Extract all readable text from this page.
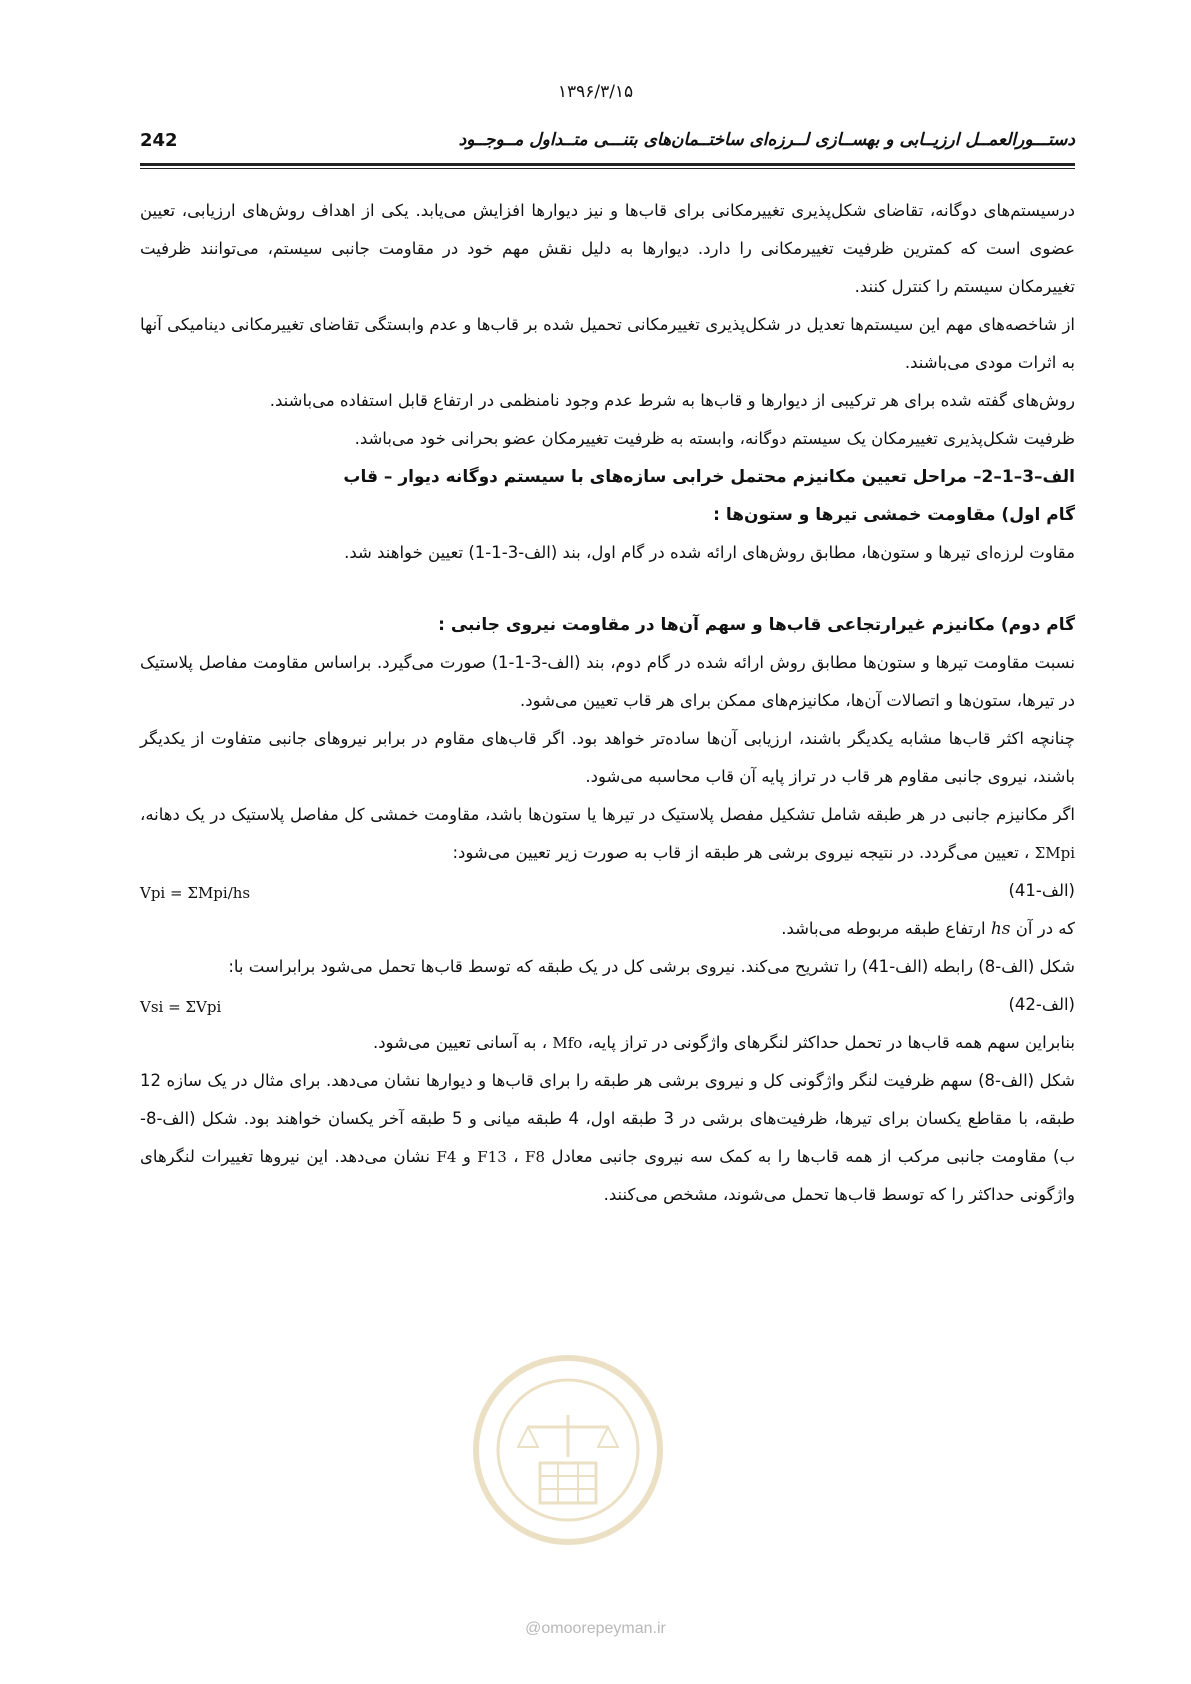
۱۳۹۶/۳/۱۵
242	دستـــورالعمــل ارزیــابی و بهســازی لــرزه‌ای ساختــمان‌های بتنـــی متــداول مــوجــود

درسیستم‌های دوگانه، تقاضای شکل‌پذیری تغییرمکانی برای قاب‌ها و نیز دیوارها افزایش می‌یابد. یکی از اهداف روش‌های ارزیابی، تعیین عضوی است که کمترین ظرفیت تغییرمکانی را دارد. دیوارها به دلیل نقش مهم خود در مقاومت جانبی سیستم، می‌توانند ظرفیت تغییرمکان سیستم را کنترل کنند.

از شاخصه‌های مهم این سیستم‌ها تعدیل در شکل‌پذیری تغییرمکانی تحمیل شده بر قاب‌ها و عدم وابستگی تقاضای تغییرمکانی دینامیکی آنها به اثرات مودی می‌باشند.

روش‌های گفته شده برای هر ترکیبی از دیوارها و قاب‌ها به شرط عدم وجود نامنظمی در ارتفاع قابل استفاده می‌باشند.

ظرفیت شکل‌پذیری تغییرمکان یک سیستم دوگانه، وابسته به ظرفیت تغییرمکان عضو بحرانی خود می‌باشد.

الف–3–1–2– مراحل تعیین مکانیزم محتمل خرابی سازه‌های با سیستم دوگانه دیوار – قاب

گام اول) مقاومت خمشی تیرها و ستون‌ها :

مقاوت لرزه‌ای تیرها و ستون‌ها، مطابق روش‌های ارائه شده در گام اول، بند (الف-3-1-1) تعیین خواهند شد.

گام دوم) مکانیزم غیرارتجاعی قاب‌ها و سهم آن‌ها در مقاومت نیروی جانبی :

نسبت مقاومت تیرها و ستون‌ها مطابق روش ارائه شده در گام دوم، بند (الف-3-1-1) صورت می‌گیرد. براساس مقاومت مفاصل پلاستیک در تیرها، ستون‌ها و اتصالات آن‌ها، مکانیزم‌های ممکن برای هر قاب تعیین می‌شود.

چنانچه اکثر قاب‌ها مشابه یکدیگر باشند، ارزیابی آن‌ها ساده‌تر خواهد بود. اگر قاب‌های مقاوم در برابر نیروهای جانبی متفاوت از یکدیگر باشند، نیروی جانبی مقاوم هر قاب در تراز پایه آن قاب محاسبه می‌شود.

اگر مکانیزم جانبی در هر طبقه شامل تشکیل مفصل پلاستیک در تیرها یا ستون‌ها باشد، مقاومت خمشی کل مفاصل پلاستیک در یک دهانه، ΣMpi ، تعیین می‌گردد. در نتیجه نیروی برشی هر طبقه از قاب به صورت زیر تعیین می‌شود:

(الف-41)
Vpi = ΣMpi/hs

که در آن hs ارتفاع طبقه مربوطه می‌باشد.

شکل (الف-8) رابطه (الف-41) را تشریح می‌کند. نیروی برشی کل در یک طبقه که توسط قاب‌ها تحمل می‌شود برابراست با:

(الف-42)
Vsi = ΣVpi

بنابراین سهم همه قاب‌ها در تحمل حداکثر لنگرهای واژگونی در تراز پایه، Mfo ، به آسانی تعیین می‌شود.

شکل (الف-8) سهم ظرفیت لنگر واژگونی کل و نیروی برشی هر طبقه را برای قاب‌ها و دیوارها نشان می‌دهد. برای مثال در یک سازه 12 طبقه، با مقاطع یکسان برای تیرها، ظرفیت‌های برشی در 3 طبقه اول، 4 طبقه میانی و 5 طبقه آخر یکسان خواهند بود. شکل (الف-8- ب) مقاومت جانبی مرکب از همه قاب‌ها را به کمک سه نیروی جانبی معادل F13 ، F8 و F4 نشان می‌دهد. این نیروها تغییرات لنگرهای واژگونی حداکثر را که توسط قاب‌ها تحمل می‌شوند، مشخص می‌کنند.

@omoorepeyman.ir
